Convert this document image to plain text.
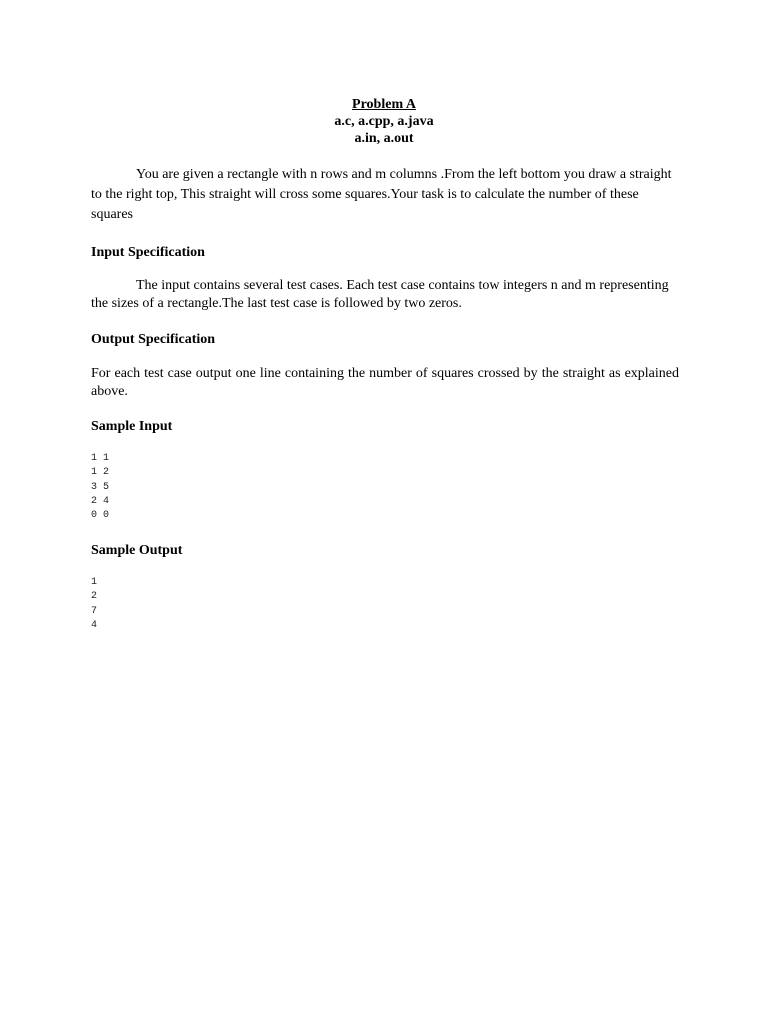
Problem A
a.c, a.cpp, a.java
a.in, a.out

You are given a rectangle with n rows and m columns .From the left bottom you draw a straight to the right top, This straight will cross some squares.Your task is to calculate the number of these squares

Input Specification

The input contains several test cases. Each test case contains tow integers n and m representing the sizes of a rectangle.The last test case is followed by two zeros.

Output Specification

For each test case output one line containing the number of squares crossed by the straight as explained above.

Sample Input

1 1
1 2
3 5
2 4
0 0

Sample Output

1
2
7
4
